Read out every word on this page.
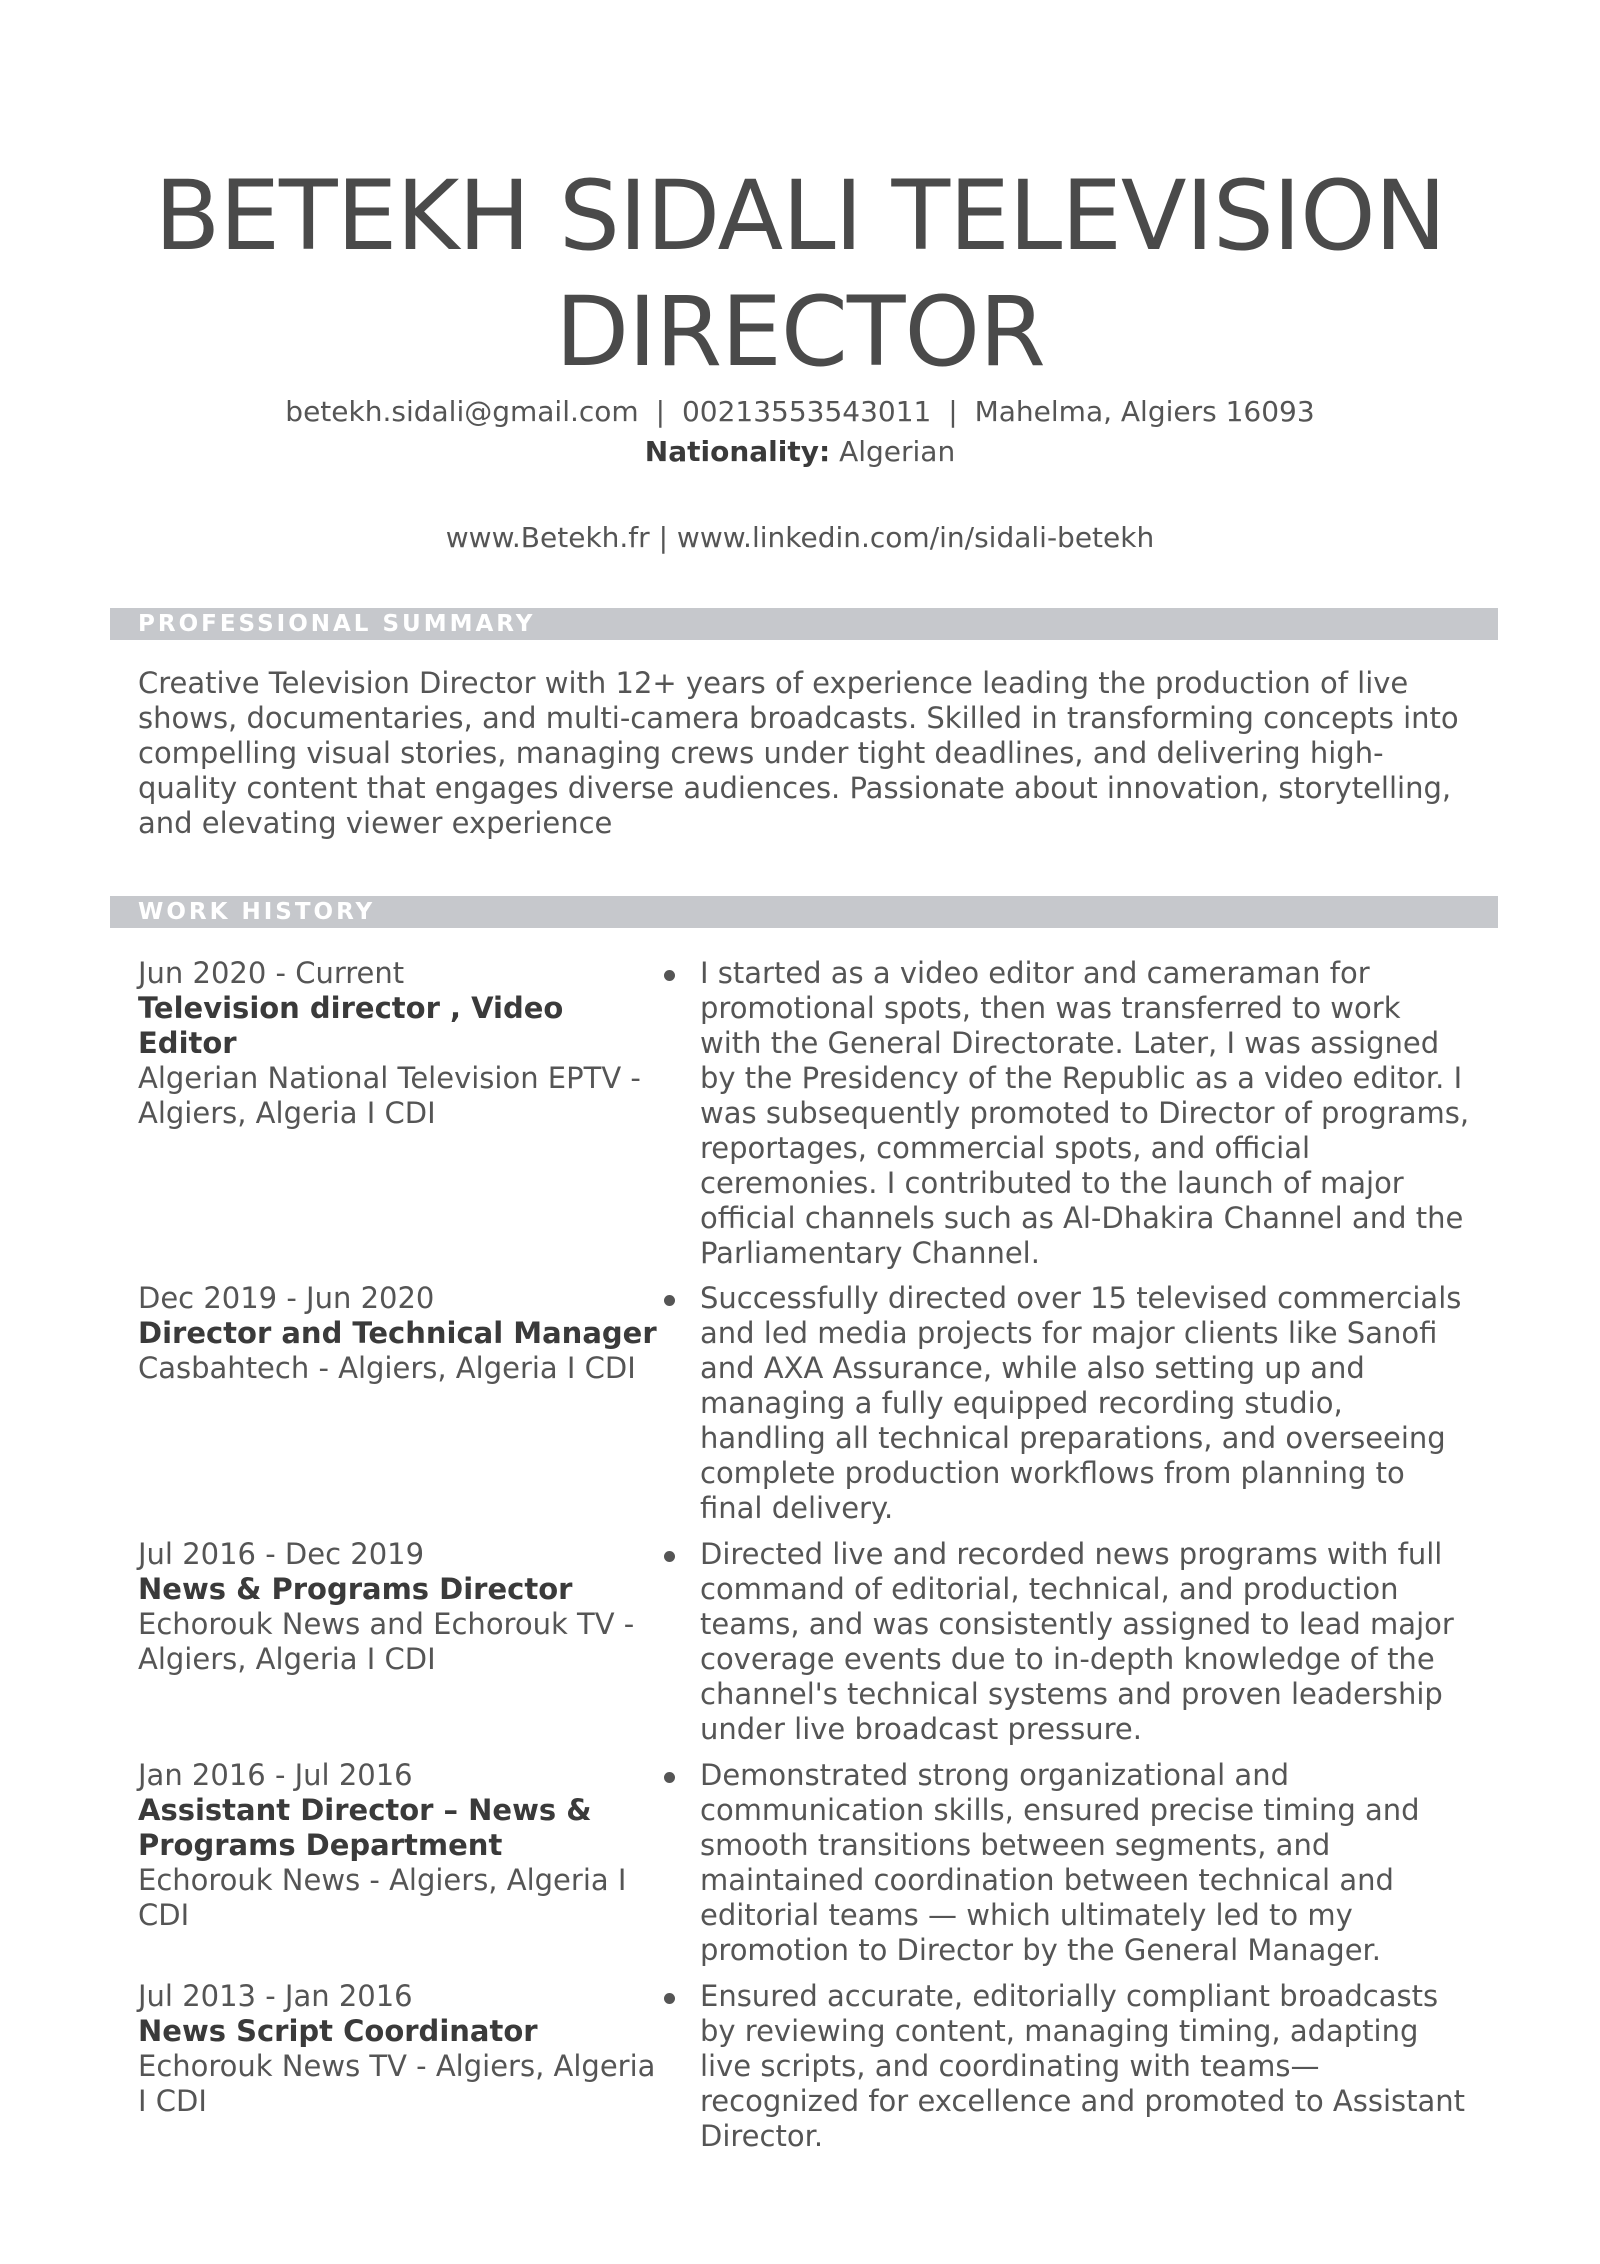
BETEKH SIDALI TELEVISION
DIRECTOR
betekh.sidali@gmail.com | 00213553543011 | Mahelma, Algiers 16093
Nationality: Algerian
www.Betekh.fr | www.linkedin.com/in/sidali-betekh
PROFESSIONAL SUMMARY

Creative Television Director with 12+ years of experience leading the production of live shows, documentaries, and multi-camera broadcasts. Skilled in transforming concepts into compelling visual stories, managing crews under tight deadlines, and delivering high-quality content that engages diverse audiences. Passionate about innovation, storytelling, and elevating viewer experience

WORK HISTORY
Jun 2020 - Current
Television director , Video Editor
Algerian National Television EPTV - Algiers, Algeria I CDI
I started as a video editor and cameraman for promotional spots, then was transferred to work with the General Directorate. Later, I was assigned by the Presidency of the Republic as a video editor. I was subsequently promoted to Director of programs, reportages, commercial spots, and official ceremonies. I contributed to the launch of major official channels such as Al-Dhakira Channel and the Parliamentary Channel.
Dec 2019 - Jun 2020
Director and Technical Manager
Casbahtech - Algiers, Algeria I CDI
Successfully directed over 15 televised commercials and led media projects for major clients like Sanofi and AXA Assurance, while also setting up and managing a fully equipped recording studio, handling all technical preparations, and overseeing complete production workflows from planning to final delivery.
Jul 2016 - Dec 2019
News & Programs Director
Echorouk News and Echorouk TV - Algiers, Algeria I CDI
Directed live and recorded news programs with full command of editorial, technical, and production teams, and was consistently assigned to lead major coverage events due to in-depth knowledge of the channel's technical systems and proven leadership under live broadcast pressure.
Jan 2016 - Jul 2016
Assistant Director – News & Programs Department
Echorouk News - Algiers, Algeria I CDI
Demonstrated strong organizational and communication skills, ensured precise timing and smooth transitions between segments, and maintained coordination between technical and editorial teams — which ultimately led to my promotion to Director by the General Manager.
Jul 2013 - Jan 2016
News Script Coordinator
Echorouk News TV - Algiers, Algeria I CDI
Ensured accurate, editorially compliant broadcasts by reviewing content, managing timing, adapting live scripts, and coordinating with teams—recognized for excellence and promoted to Assistant Director.
